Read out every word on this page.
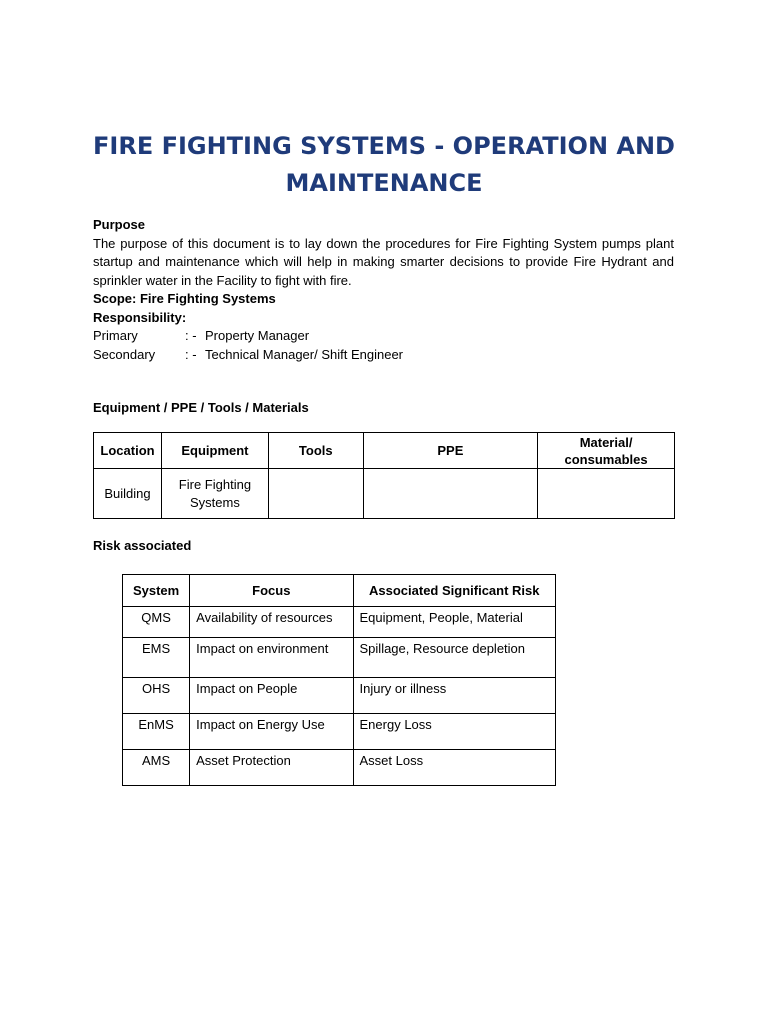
FIRE FIGHTING SYSTEMS - OPERATION AND MAINTENANCE
Purpose

The purpose of this document is to lay down the procedures for Fire Fighting System pumps plant startup and maintenance which will help in making smarter decisions to provide Fire Hydrant and sprinkler water in the Facility to fight with fire.

Scope: Fire Fighting Systems
Responsibility:
Primary	: - Property Manager
Secondary	: - Technical Manager/ Shift Engineer
Equipment / PPE / Tools / Materials
Location	Equipment	Tools	PPE	Material/ consumables
Building	Fire Fighting Systems			
Risk associated
System	Focus	Associated Significant Risk
QMS	Availability of resources	Equipment, People, Material
EMS	Impact on environment	Spillage, Resource depletion
OHS	Impact on People	Injury or illness
EnMS	Impact on Energy Use	Energy Loss
AMS	Asset Protection	Asset Loss
